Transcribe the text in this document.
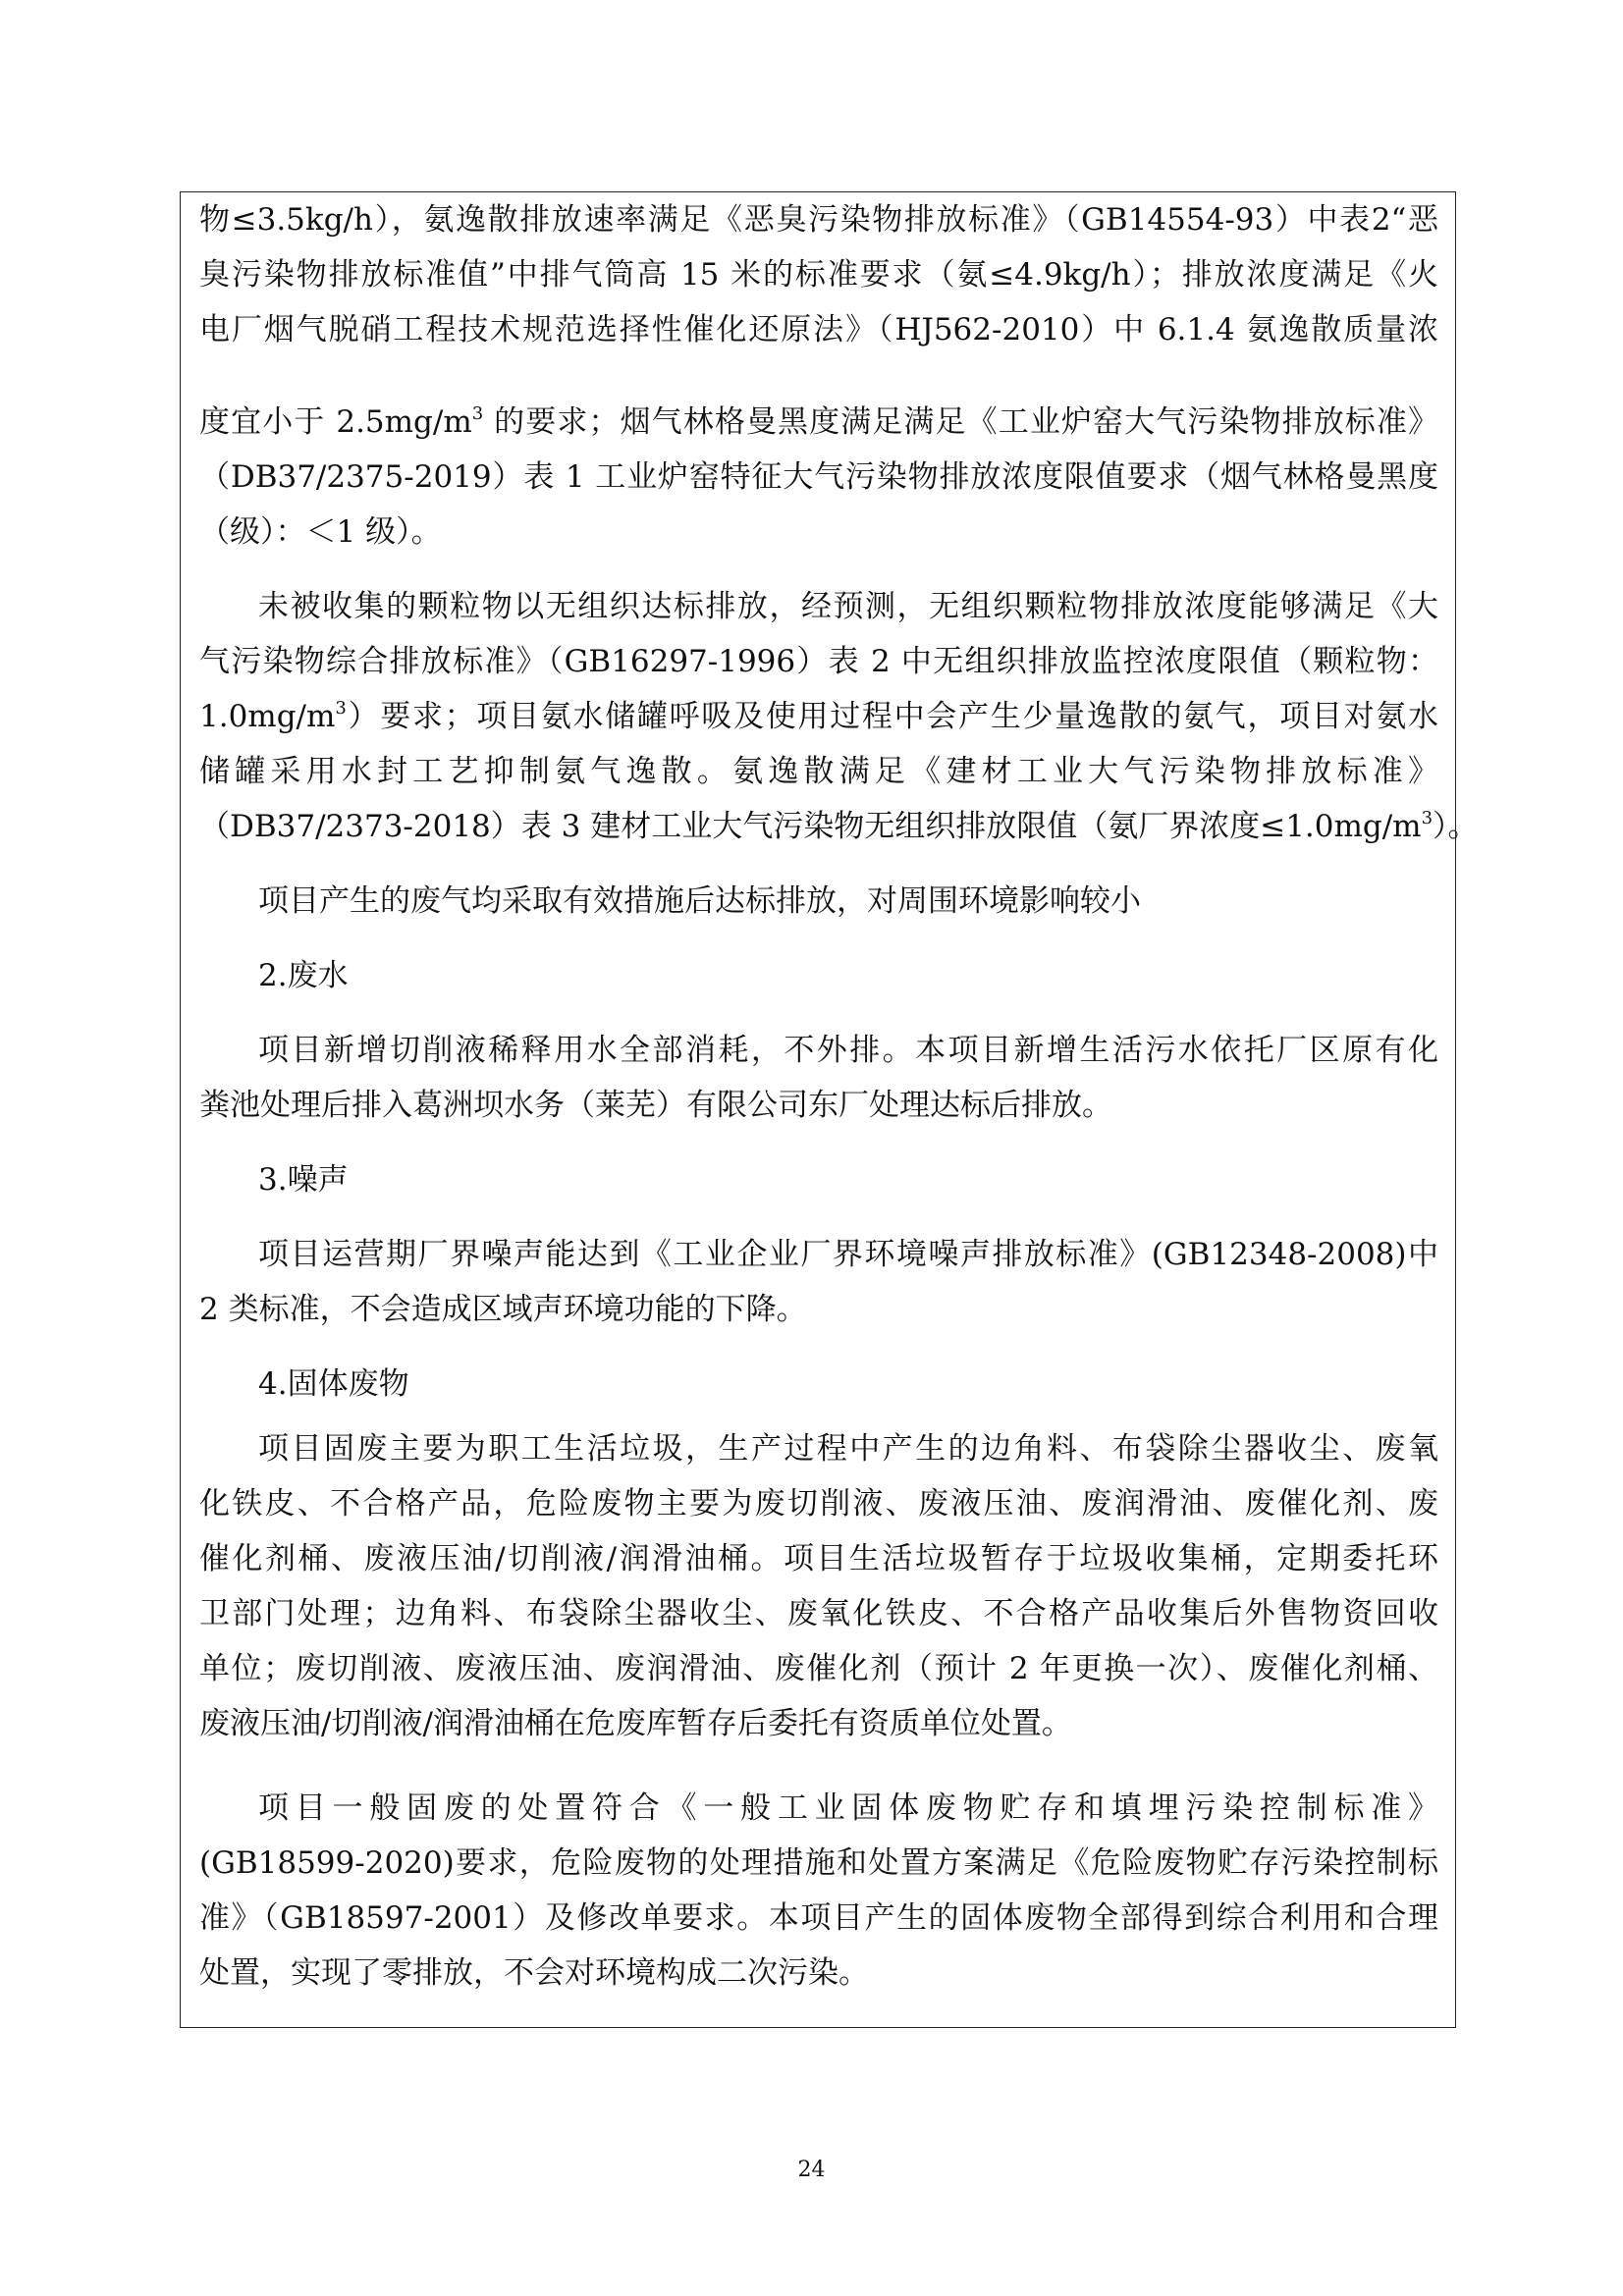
物≤3.5kg/h），氨逸散排放速率满足《恶臭污染物排放标准》（GB14554-93）中表2“恶
臭污染物排放标准值”中排气筒高 15 米的标准要求（氨≤4.9kg/h）；排放浓度满足《火
电厂烟气脱硝工程技术规范选择性催化还原法》（HJ562-2010）中 6.1.4 氨逸散质量浓
度宜小于 $2.5mg/m^3$ 的要求；烟气林格曼黑度满足满足《工业炉窑大气污染物排放标准》
（DB37/2375-2019）表 1 工业炉窑特征大气污染物排放浓度限值要求（烟气林格曼黑度
（级）：＜1 级）。
未被收集的颗粒物以无组织达标排放，经预测，无组织颗粒物排放浓度能够满足《大
气污染物综合排放标准》（GB16297-1996）表 2 中无组织排放监控浓度限值（颗粒物：
$1.0mg/m^3$）要求；项目氨水储罐呼吸及使用过程中会产生少量逸散的氨气，项目对氨水
储罐采用水封工艺抑制氨气逸散。氨逸散满足《建材工业大气污染物排放标准》
（DB37/2373-2018）表 3 建材工业大气污染物无组织排放限值（氨厂界浓度$\le 1.0mg/m^3$）。
项目产生的废气均采取有效措施后达标排放，对周围环境影响较小
2.废水
项目新增切削液稀释用水全部消耗，不外排。本项目新增生活污水依托厂区原有化
粪池处理后排入葛洲坝水务（莱芜）有限公司东厂处理达标后排放。
3.噪声
项目运营期厂界噪声能达到《工业企业厂界环境噪声排放标准》(GB12348-2008)中
2 类标准，不会造成区域声环境功能的下降。
4.固体废物
项目固废主要为职工生活垃圾，生产过程中产生的边角料、布袋除尘器收尘、废氧
化铁皮、不合格产品，危险废物主要为废切削液、废液压油、废润滑油、废催化剂、废
催化剂桶、废液压油/切削液/润滑油桶。项目生活垃圾暂存于垃圾收集桶，定期委托环
卫部门处理；边角料、布袋除尘器收尘、废氧化铁皮、不合格产品收集后外售物资回收
单位；废切削液、废液压油、废润滑油、废催化剂（预计 2 年更换一次）、废催化剂桶、
废液压油/切削液/润滑油桶在危废库暂存后委托有资质单位处置。
项目一般固废的处置符合《一般工业固体废物贮存和填埋污染控制标准》
(GB18599-2020)要求，危险废物的处理措施和处置方案满足《危险废物贮存污染控制标
准》（GB18597-2001）及修改单要求。本项目产生的固体废物全部得到综合利用和合理
处置，实现了零排放，不会对环境构成二次污染。
24
